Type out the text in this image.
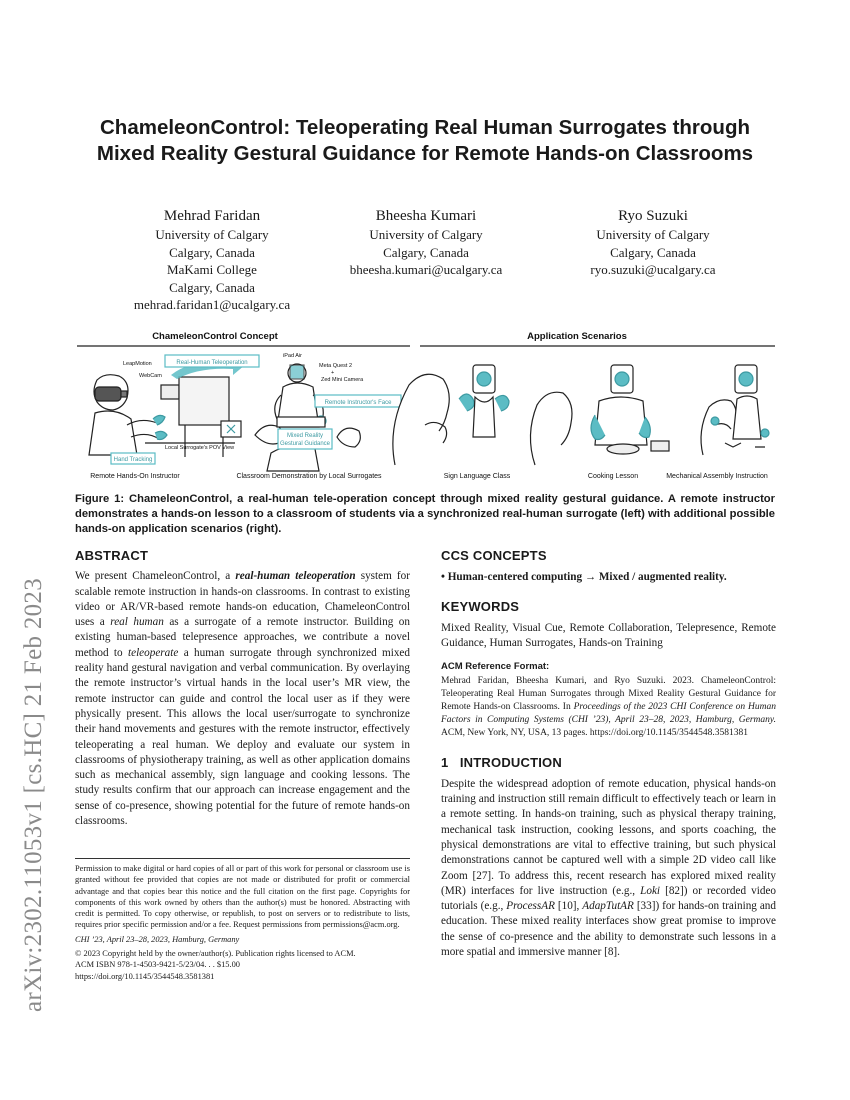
arXiv:2302.11053v1 [cs.HC] 21 Feb 2023
ChameleonControl: Teleoperating Real Human Surrogates through Mixed Reality Gestural Guidance for Remote Hands-on Classrooms
Mehrad Faridan
University of Calgary
Calgary, Canada
MaKami College
Calgary, Canada
mehrad.faridan1@ucalgary.ca
Bheesha Kumari
University of Calgary
Calgary, Canada
bheesha.kumari@ucalgary.ca
Ryo Suzuki
University of Calgary
Calgary, Canada
ryo.suzuki@ucalgary.ca
ChameleonControl Concept	Application Scenarios
LeapMotion
WebCam
Real-Human Teleoperation
iPad Air
Meta Quest 2
+
Zed Mini Camera
Remote Instructor's Face
Mixed Reality
Gestural Guidance
Local Surrogate's POV View
Hand Tracking
Remote Hands-On Instructor	Classroom Demonstration by Local Surrogates	Sign Language Class	Cooking Lesson	Mechanical Assembly Instruction
Figure 1: ChameleonControl, a real-human tele-operation concept through mixed reality gestural guidance. A remote instructor demonstrates a hands-on lesson to a classroom of students via a synchronized real-human surrogate (left) with additional possible hands-on application scenarios (right).
ABSTRACT

We present ChameleonControl, a real-human teleoperation system for scalable remote instruction in hands-on classrooms. In contrast to existing video or AR/VR-based remote hands-on education, ChameleonControl uses a real human as a surrogate of a remote instructor. Building on existing human-based telepresence approaches, we contribute a novel method to teleoperate a human surrogate through synchronized mixed reality hand gestural navigation and verbal communication. By overlaying the remote instructor’s virtual hands in the local user’s MR view, the remote instructor can guide and control the local user as if they were physically present. This allows the local user/surrogate to synchronize their hand movements and gestures with the remote instructor, effectively teleoperating a real human. We deploy and evaluate our system in classrooms of physiotherapy training, as well as other application domains such as mechanical assembly, sign language and cooking lessons. The study results confirm that our approach can increase engagement and the sense of co-presence, showing potential for the future of remote hands-on classrooms.

Permission to make digital or hard copies of all or part of this work for personal or classroom use is granted without fee provided that copies are not made or distributed for profit or commercial advantage and that copies bear this notice and the full citation on the first page. Copyrights for components of this work owned by others than the author(s) must be honored. Abstracting with credit is permitted. To copy otherwise, or republish, to post on servers or to redistribute to lists, requires prior specific permission and/or a fee. Request permissions from permissions@acm.org.
CHI ’23, April 23–28, 2023, Hamburg, Germany
© 2023 Copyright held by the owner/author(s). Publication rights licensed to ACM.
ACM ISBN 978-1-4503-9421-5/23/04. . . $15.00
https://doi.org/10.1145/3544548.3581381
CCS CONCEPTS

• Human-centered computing → Mixed / augmented reality.

KEYWORDS

Mixed Reality, Visual Cue, Remote Collaboration, Telepresence, Remote Guidance, Human Surrogates, Hands-on Training

ACM Reference Format:

Mehrad Faridan, Bheesha Kumari, and Ryo Suzuki. 2023. ChameleonControl: Teleoperating Real Human Surrogates through Mixed Reality Gestural Guidance for Remote Hands-on Classrooms. In Proceedings of the 2023 CHI Conference on Human Factors in Computing Systems (CHI ’23), April 23–28, 2023, Hamburg, Germany. ACM, New York, NY, USA, 13 pages. https://doi.org/10.1145/3544548.3581381

1 INTRODUCTION

Despite the widespread adoption of remote education, physical hands-on training and instruction still remain difficult to effectively teach or learn in a remote setting. In hands-on training, such as physical therapy training, mechanical task instruction, cooking lessons, and sports coaching, the physical demonstrations are vital to effective training, but such physical demonstrations cannot be captured well with a simple 2D video call like Zoom [27]. To address this, recent research has explored mixed reality (MR) interfaces for live instruction (e.g., Loki [82]) or recorded video tutorials (e.g., ProcessAR [10], AdapTutAR [33]) for hands-on training and education. These mixed reality interfaces show great promise to improve the sense of co-presence and the ability to demonstrate such lessons in a more spatial and immersive manner [8].
